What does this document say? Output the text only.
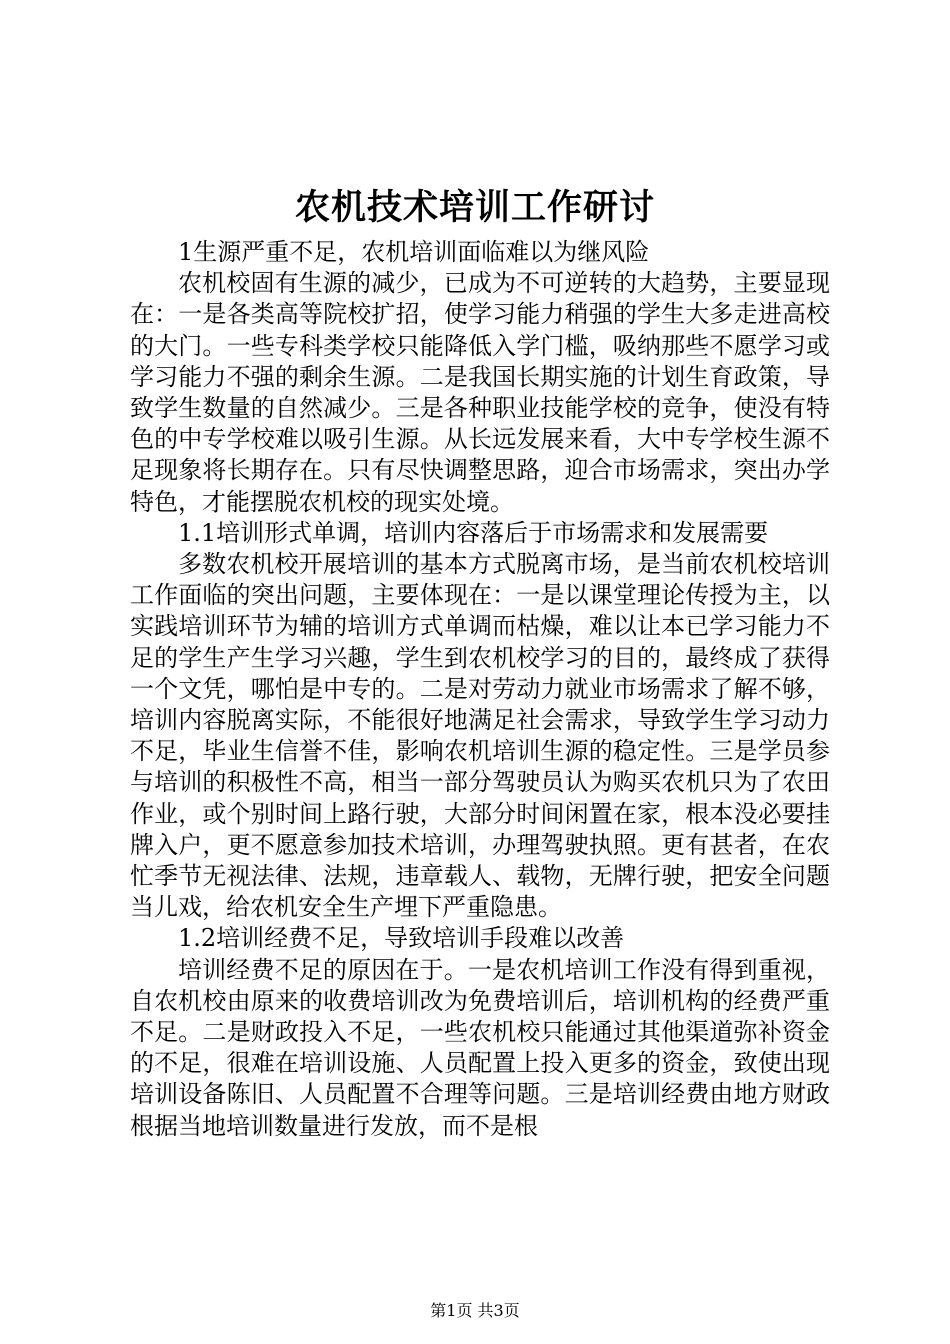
农机技术培训工作研讨

1生源严重不足，农机培训面临难以为继风险

农机校固有生源的减少，已成为不可逆转的大趋势，主要显现在：一是各类高等院校扩招，使学习能力稍强的学生大多走进高校的大门。一些专科类学校只能降低入学门槛，吸纳那些不愿学习或学习能力不强的剩余生源。二是我国长期实施的计划生育政策，导致学生数量的自然减少。三是各种职业技能学校的竞争，使没有特色的中专学校难以吸引生源。从长远发展来看，大中专学校生源不足现象将长期存在。只有尽快调整思路，迎合市场需求，突出办学特色，才能摆脱农机校的现实处境。

1.1培训形式单调，培训内容落后于市场需求和发展需要

多数农机校开展培训的基本方式脱离市场，是当前农机校培训工作面临的突出问题，主要体现在：一是以课堂理论传授为主，以实践培训环节为辅的培训方式单调而枯燥，难以让本已学习能力不足的学生产生学习兴趣，学生到农机校学习的目的，最终成了获得一个文凭，哪怕是中专的。二是对劳动力就业市场需求了解不够，培训内容脱离实际，不能很好地满足社会需求，导致学生学习动力不足，毕业生信誉不佳，影响农机培训生源的稳定性。三是学员参与培训的积极性不高，相当一部分驾驶员认为购买农机只为了农田作业，或个别时间上路行驶，大部分时间闲置在家，根本没必要挂牌入户，更不愿意参加技术培训，办理驾驶执照。更有甚者，在农忙季节无视法律、法规，违章载人、载物，无牌行驶，把安全问题当儿戏，给农机安全生产埋下严重隐患。

1.2培训经费不足，导致培训手段难以改善

培训经费不足的原因在于。一是农机培训工作没有得到重视，自农机校由原来的收费培训改为免费培训后，培训机构的经费严重不足。二是财政投入不足，一些农机校只能通过其他渠道弥补资金的不足，很难在培训设施、人员配置上投入更多的资金，致使出现培训设备陈旧、人员配置不合理等问题。三是培训经费由地方财政根据当地培训数量进行发放，而不是根

第1页 共3页
